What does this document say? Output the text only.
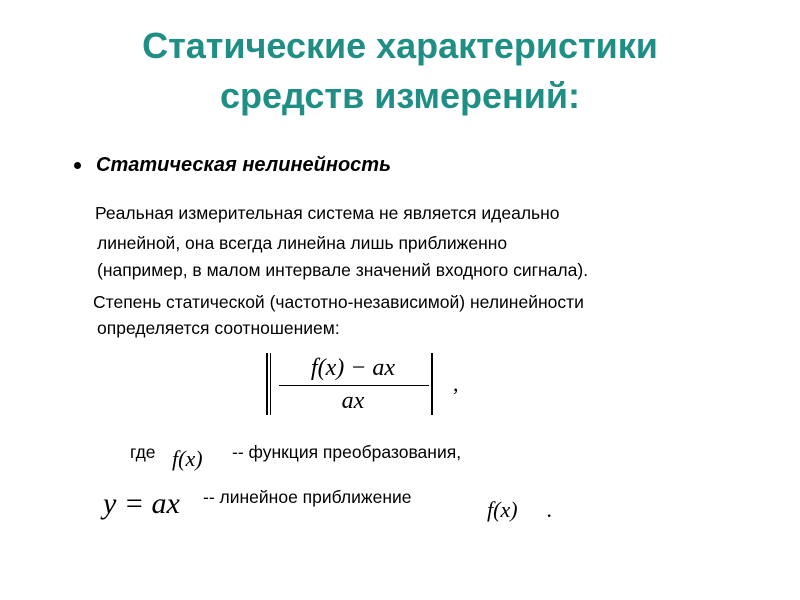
Статические характеристики
средств измерений:
Статическая нелинейность
Реальная измерительная система не является идеально
линейной, она всегда линейна лишь приближенно
(например, в малом интервале значений входного сигнала).
Степень статической (частотно-независимой) нелинейности
определяется соотношением:
f(x) − ax
ax
,
где f(x) -- функция преобразования,
y = ax -- линейное приближение	f(x) .
